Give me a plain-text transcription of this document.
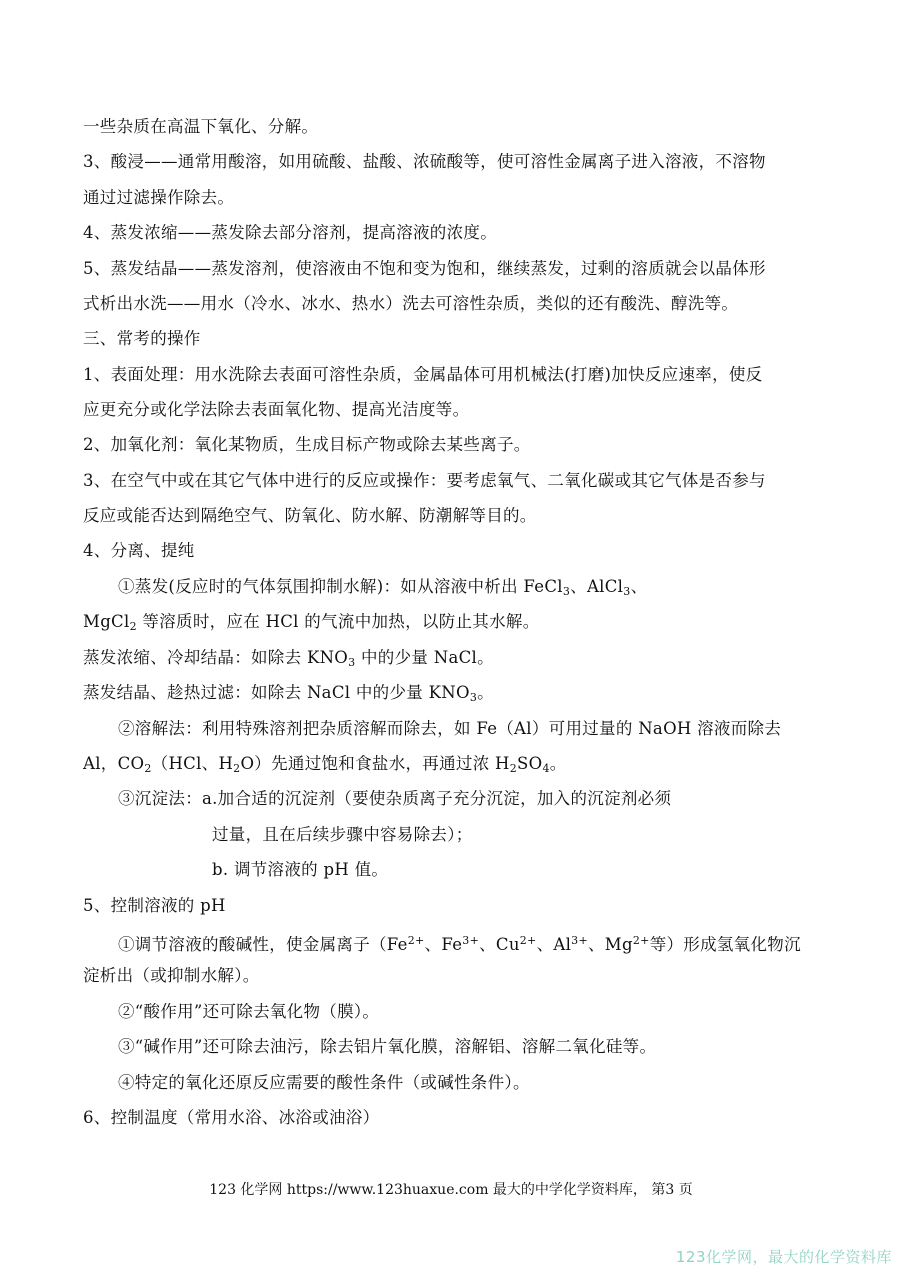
一些杂质在高温下氧化、分解。
3、酸浸——通常用酸溶，如用硫酸、盐酸、浓硫酸等，使可溶性金属离子进入溶液，不溶物
通过过滤操作除去。
4、蒸发浓缩——蒸发除去部分溶剂，提高溶液的浓度。
5、蒸发结晶——蒸发溶剂，使溶液由不饱和变为饱和，继续蒸发，过剩的溶质就会以晶体形
式析出水洗——用水（冷水、冰水、热水）洗去可溶性杂质，类似的还有酸洗、醇洗等。
三、常考的操作
1、表面处理：用水洗除去表面可溶性杂质，金属晶体可用机械法(打磨)加快反应速率，使反
应更充分或化学法除去表面氧化物、提高光洁度等。
2、加氧化剂：氧化某物质，生成目标产物或除去某些离子。
3、在空气中或在其它气体中进行的反应或操作：要考虑氧气、二氧化碳或其它气体是否参与
反应或能否达到隔绝空气、防氧化、防水解、防潮解等目的。
4、分离、提纯
①蒸发(反应时的气体氛围抑制水解)：如从溶液中析出 FeCl$_3$、AlCl$_3$、
MgCl$_2$ 等溶质时，应在 HCl 的气流中加热，以防止其水解。
蒸发浓缩、冷却结晶：如除去 $KNO_3$ 中的少量 NaCl。
蒸发结晶、趁热过滤：如除去 NaCl 中的少量 $KNO_3$。
②溶解法：利用特殊溶剂把杂质溶解而除去，如 Fe（Al）可用过量的 NaOH 溶液而除去
Al，$CO_2(HCl$、$H_2O$）先通过饱和食盐水，再通过浓 $H_2SO_4$。
③沉淀法：a.加合适的沉淀剂（要使杂质离子充分沉淀，加入的沉淀剂必须
过量，且在后续步骤中容易除去）；
b. 调节溶液的 pH 值。
5、控制溶液的 pH
①调节溶液的酸碱性，使金属离子（$Fe^{2+}$、$Fe^{3+}$、$Cu^{2+}$、$Al^{3+}$、$Mg^{2+}$等）形成氢氧化物沉
淀析出（或抑制水解）。
②“酸作用”还可除去氧化物（膜）。
③“碱作用”还可除去油污，除去铝片氧化膜，溶解铝、溶解二氧化硅等。
④特定的氧化还原反应需要的酸性条件（或碱性条件）。
6、控制温度（常用水浴、冰浴或油浴）
123 化学网 https://www.123huaxue.com 最大的中学化学资料库， 第3 页
123化学网，最大的化学资料库
